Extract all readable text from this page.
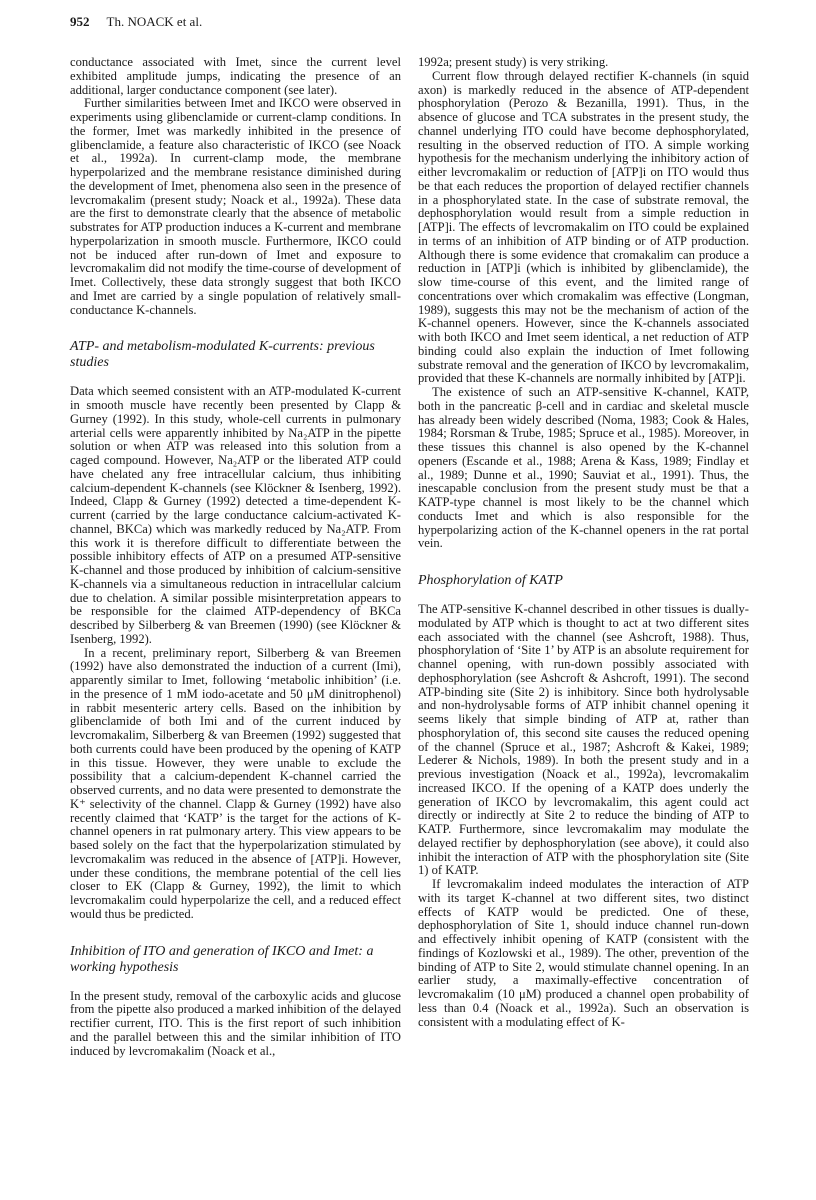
952 Th. NOACK et al.

conductance associated with Imet, since the current level exhibited amplitude jumps, indicating the presence of an additional, larger conductance component (see later).

Further similarities between Imet and IKCO were observed in experiments using glibenclamide or current-clamp conditions. In the former, Imet was markedly inhibited in the presence of glibenclamide, a feature also characteristic of IKCO (see Noack et al., 1992a). In current-clamp mode, the membrane hyperpolarized and the membrane resistance diminished during the development of Imet, phenomena also seen in the presence of levcromakalim (present study; Noack et al., 1992a). These data are the first to demonstrate clearly that the absence of metabolic substrates for ATP production induces a K-current and membrane hyperpolarization in smooth muscle. Furthermore, IKCO could not be induced after run-down of Imet and exposure to levcromakalim did not modify the time-course of development of Imet. Collectively, these data strongly suggest that both IKCO and Imet are carried by a single population of relatively small-conductance K-channels.

ATP- and metabolism-modulated K-currents: previous studies

Data which seemed consistent with an ATP-modulated K-current in smooth muscle have recently been presented by Clapp & Gurney (1992). In this study, whole-cell currents in pulmonary arterial cells were apparently inhibited by Na₂ATP in the pipette solution or when ATP was released into this solution from a caged compound. However, Na₂ATP or the liberated ATP could have chelated any free intracellular calcium, thus inhibiting calcium-dependent K-channels (see Klöckner & Isenberg, 1992). Indeed, Clapp & Gurney (1992) detected a time-dependent K-current (carried by the large conductance calcium-activated K-channel, BKCa) which was markedly reduced by Na₂ATP. From this work it is therefore difficult to differentiate between the possible inhibitory effects of ATP on a presumed ATP-sensitive K-channel and those produced by inhibition of calcium-sensitive K-channels via a simultaneous reduction in intracellular calcium due to chelation. A similar possible misinterpretation appears to be responsible for the claimed ATP-dependency of BKCa described by Silberberg & van Breemen (1990) (see Klöckner & Isenberg, 1992).

In a recent, preliminary report, Silberberg & van Breemen (1992) have also demonstrated the induction of a current (Imi), apparently similar to Imet, following ‘metabolic inhibition’ (i.e. in the presence of 1 mM iodo-acetate and 50 μM dinitrophenol) in rabbit mesenteric artery cells. Based on the inhibition by glibenclamide of both Imi and of the current induced by levcromakalim, Silberberg & van Breemen (1992) suggested that both currents could have been produced by the opening of KATP in this tissue. However, they were unable to exclude the possibility that a calcium-dependent K-channel carried the observed currents, and no data were presented to demonstrate the K⁺ selectivity of the channel. Clapp & Gurney (1992) have also recently claimed that ‘KATP’ is the target for the actions of K-channel openers in rat pulmonary artery. This view appears to be based solely on the fact that the hyperpolarization stimulated by levcromakalim was reduced in the absence of [ATP]i. However, under these conditions, the membrane potential of the cell lies closer to EK (Clapp & Gurney, 1992), the limit to which levcromakalim could hyperpolarize the cell, and a reduced effect would thus be predicted.

Inhibition of ITO and generation of IKCO and Imet: a working hypothesis

In the present study, removal of the carboxylic acids and glucose from the pipette also produced a marked inhibition of the delayed rectifier current, ITO. This is the first report of such inhibition and the parallel between this and the similar inhibition of ITO induced by levcromakalim (Noack et al.,

1992a; present study) is very striking.

Current flow through delayed rectifier K-channels (in squid axon) is markedly reduced in the absence of ATP-dependent phosphorylation (Perozo & Bezanilla, 1991). Thus, in the absence of glucose and TCA substrates in the present study, the channel underlying ITO could have become dephosphorylated, resulting in the observed reduction of ITO. A simple working hypothesis for the mechanism underlying the inhibitory action of either levcromakalim or reduction of [ATP]i on ITO would thus be that each reduces the proportion of delayed rectifier channels in a phosphorylated state. In the case of substrate removal, the dephosphorylation would result from a simple reduction in [ATP]i. The effects of levcromakalim on ITO could be explained in terms of an inhibition of ATP binding or of ATP production. Although there is some evidence that cromakalim can produce a reduction in [ATP]i (which is inhibited by glibenclamide), the slow time-course of this event, and the limited range of concentrations over which cromakalim was effective (Longman, 1989), suggests this may not be the mechanism of action of the K-channel openers. However, since the K-channels associated with both IKCO and Imet seem identical, a net reduction of ATP binding could also explain the induction of Imet following substrate removal and the generation of IKCO by levcromakalim, provided that these K-channels are normally inhibited by [ATP]i.

The existence of such an ATP-sensitive K-channel, KATP, both in the pancreatic β-cell and in cardiac and skeletal muscle has already been widely described (Noma, 1983; Cook & Hales, 1984; Rorsman & Trube, 1985; Spruce et al., 1985). Moreover, in these tissues this channel is also opened by the K-channel openers (Escande et al., 1988; Arena & Kass, 1989; Findlay et al., 1989; Dunne et al., 1990; Sauviat et al., 1991). Thus, the inescapable conclusion from the present study must be that a KATP-type channel is most likely to be the channel which conducts Imet and which is also responsible for the hyperpolarizing action of the K-channel openers in the rat portal vein.

Phosphorylation of KATP

The ATP-sensitive K-channel described in other tissues is dually-modulated by ATP which is thought to act at two different sites each associated with the channel (see Ashcroft, 1988). Thus, phosphorylation of ‘Site 1’ by ATP is an absolute requirement for channel opening, with run-down possibly associated with dephosphorylation (see Ashcroft & Ashcroft, 1991). The second ATP-binding site (Site 2) is inhibitory. Since both hydrolysable and non-hydrolysable forms of ATP inhibit channel opening it seems likely that simple binding of ATP at, rather than phosphorylation of, this second site causes the reduced opening of the channel (Spruce et al., 1987; Ashcroft & Kakei, 1989; Lederer & Nichols, 1989). In both the present study and in a previous investigation (Noack et al., 1992a), levcromakalim increased IKCO. If the opening of a KATP does underly the generation of IKCO by levcromakalim, this agent could act directly or indirectly at Site 2 to reduce the binding of ATP to KATP. Furthermore, since levcromakalim may modulate the delayed rectifier by dephosphorylation (see above), it could also inhibit the interaction of ATP with the phosphorylation site (Site 1) of KATP.

If levcromakalim indeed modulates the interaction of ATP with its target K-channel at two different sites, two distinct effects of KATP would be predicted. One of these, dephosphorylation of Site 1, should induce channel run-down and effectively inhibit opening of KATP (consistent with the findings of Kozlowski et al., 1989). The other, prevention of the binding of ATP to Site 2, would stimulate channel opening. In an earlier study, a maximally-effective concentration of levcromakalim (10 μM) produced a channel open probability of less than 0.4 (Noack et al., 1992a). Such an observation is consistent with a modulating effect of K-
